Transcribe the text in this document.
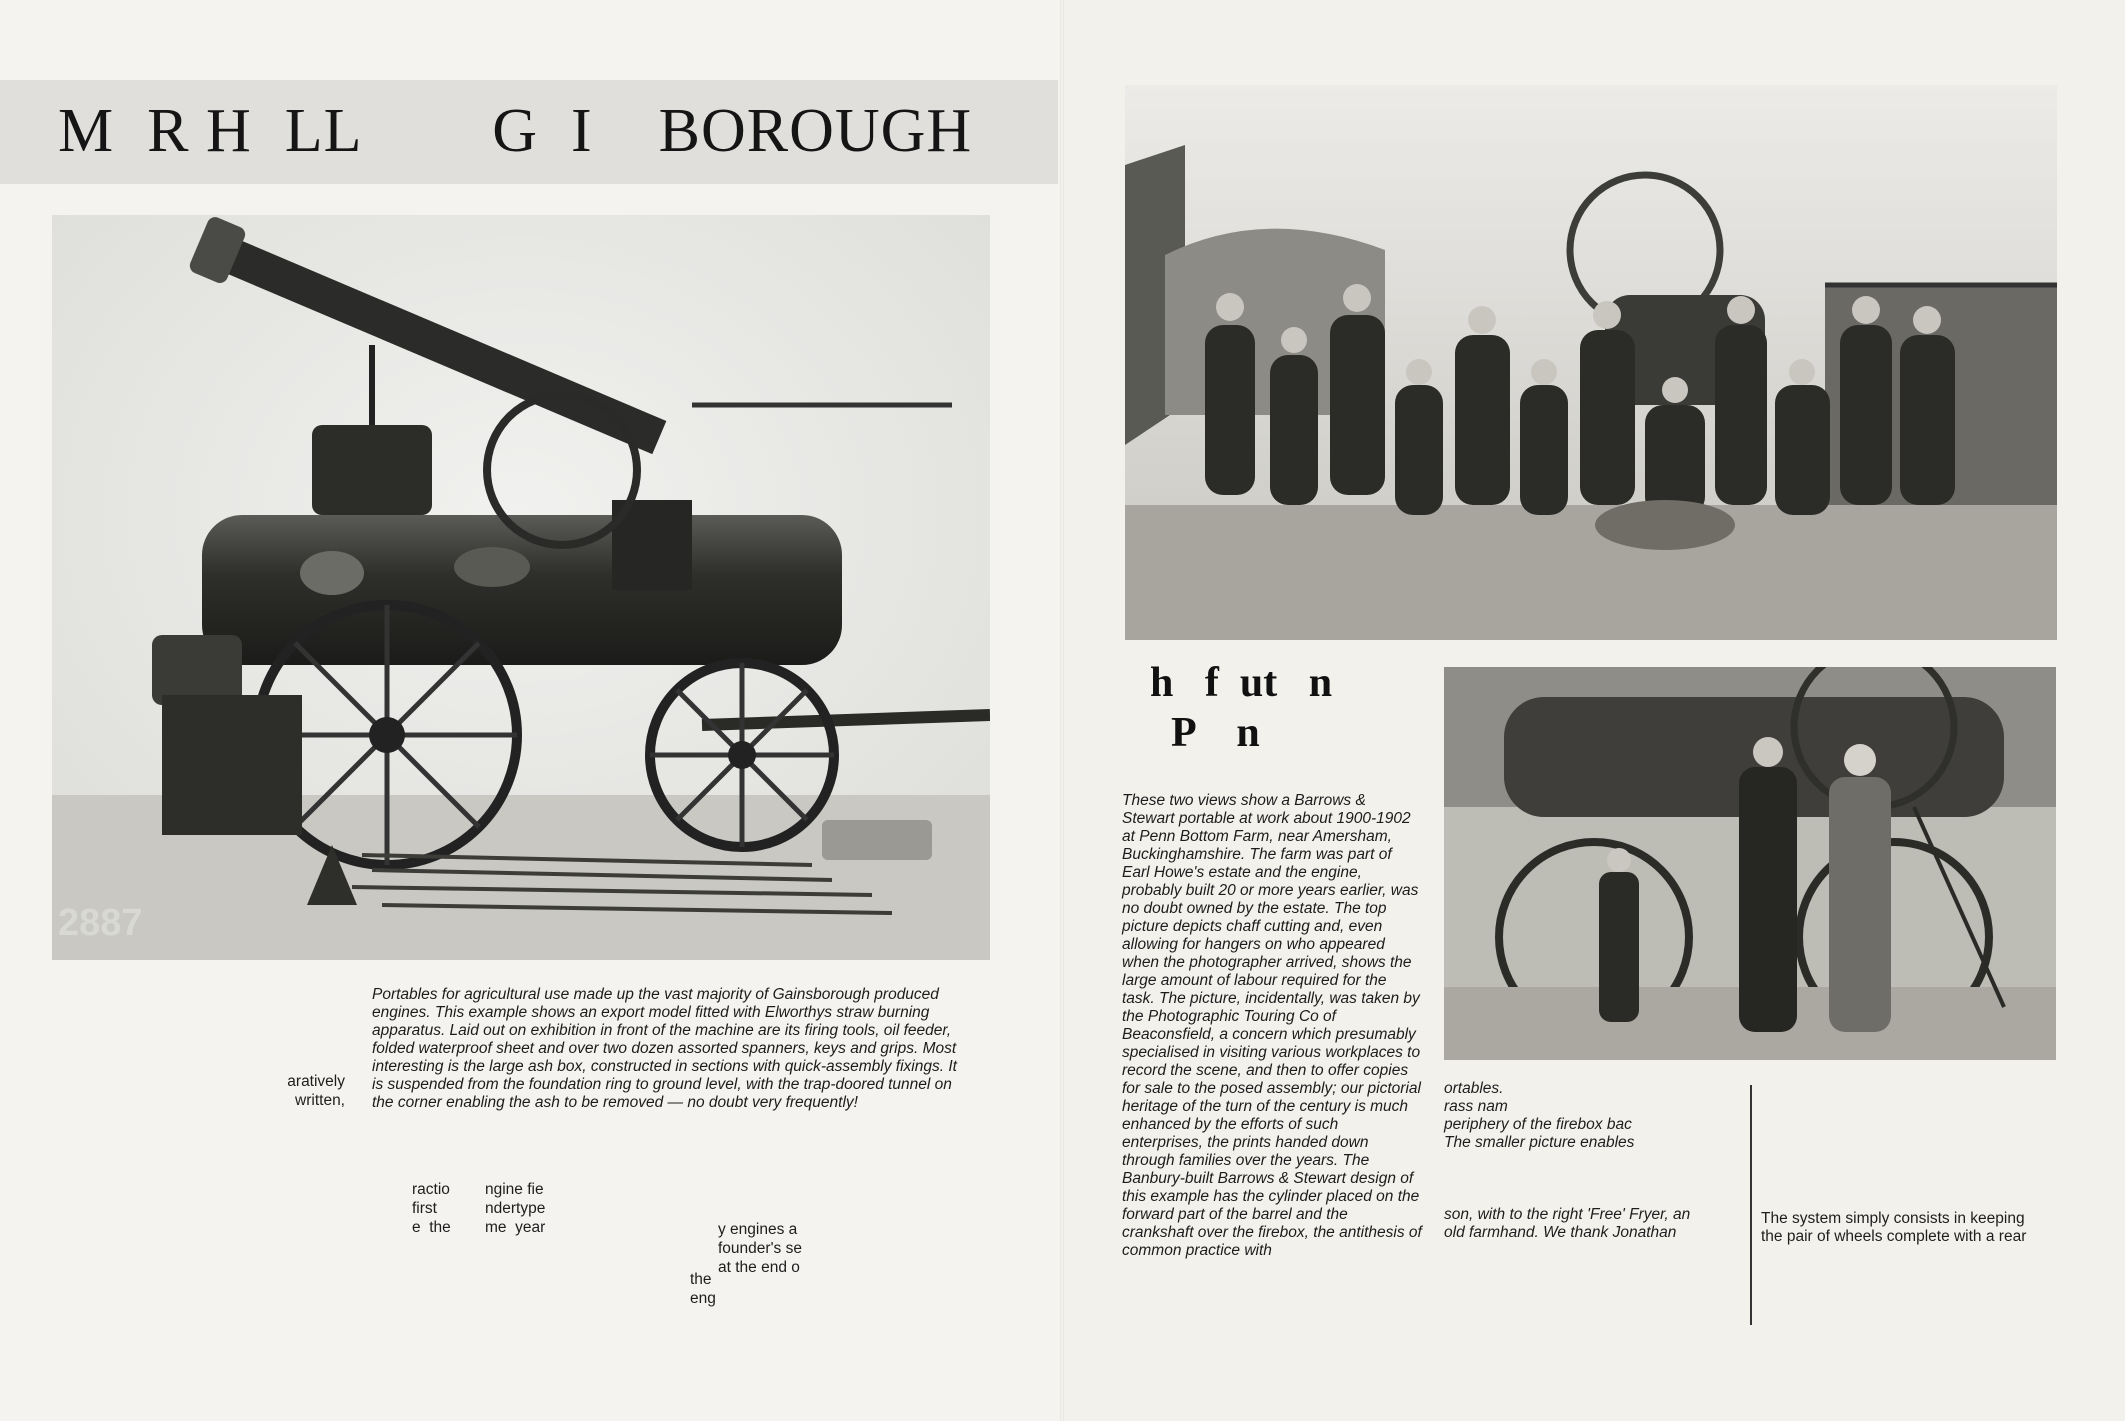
M  R H  LL        G  I    BOROUGH
2887

Portables for agricultural use made up the vast majority of Gainsborough produced engines. This example shows an export model fitted with Elworthys straw burning apparatus. Laid out on exhibition in front of the machine are its firing tools, oil feeder, folded waterproof sheet and over two dozen assorted spanners, keys and grips. Most interesting is the large ash box, constructed in sections with quick-assembly fixings. It is suspended from the foundation ring to ground level, with the trap-doored tunnel on the corner enabling the ash to be removed — no doubt very frequently!

aratively
written,
ractio
first
e  the
ngine fie
ndertype
me  year	y engines a
founder's se
at the end o
the
eng
h   f  ut   n
P    n

These two views show a Barrows & Stewart portable at work about 1900-1902 at Penn Bottom Farm, near Amersham, Buckinghamshire. The farm was part of Earl Howe's estate and the engine, probably built 20 or more years earlier, was no doubt owned by the estate. The top picture depicts chaff cutting and, even allowing for hangers on who appeared when the photographer arrived, shows the large amount of labour required for the task. The picture, incidentally, was taken by the Photographic Touring Co of Beaconsfield, a concern which presumably specialised in visiting various workplaces to record the scene, and then to offer copies for sale to the posed assembly; our pictorial heritage of the turn of the century is much enhanced by the efforts of such enterprises, the prints handed down through families over the years. The Banbury-built Barrows & Stewart design of this example has the cylinder placed on the forward part of the barrel and the crankshaft over the firebox, the antithesis of common practice with

ortables.
rass nam
periphery of the firebox bac
The smaller picture enables
son, with to the right 'Free' Fryer, an
old farmhand. We thank Jonathan
The system simply consists in keeping
the pair of wheels complete with a rear
